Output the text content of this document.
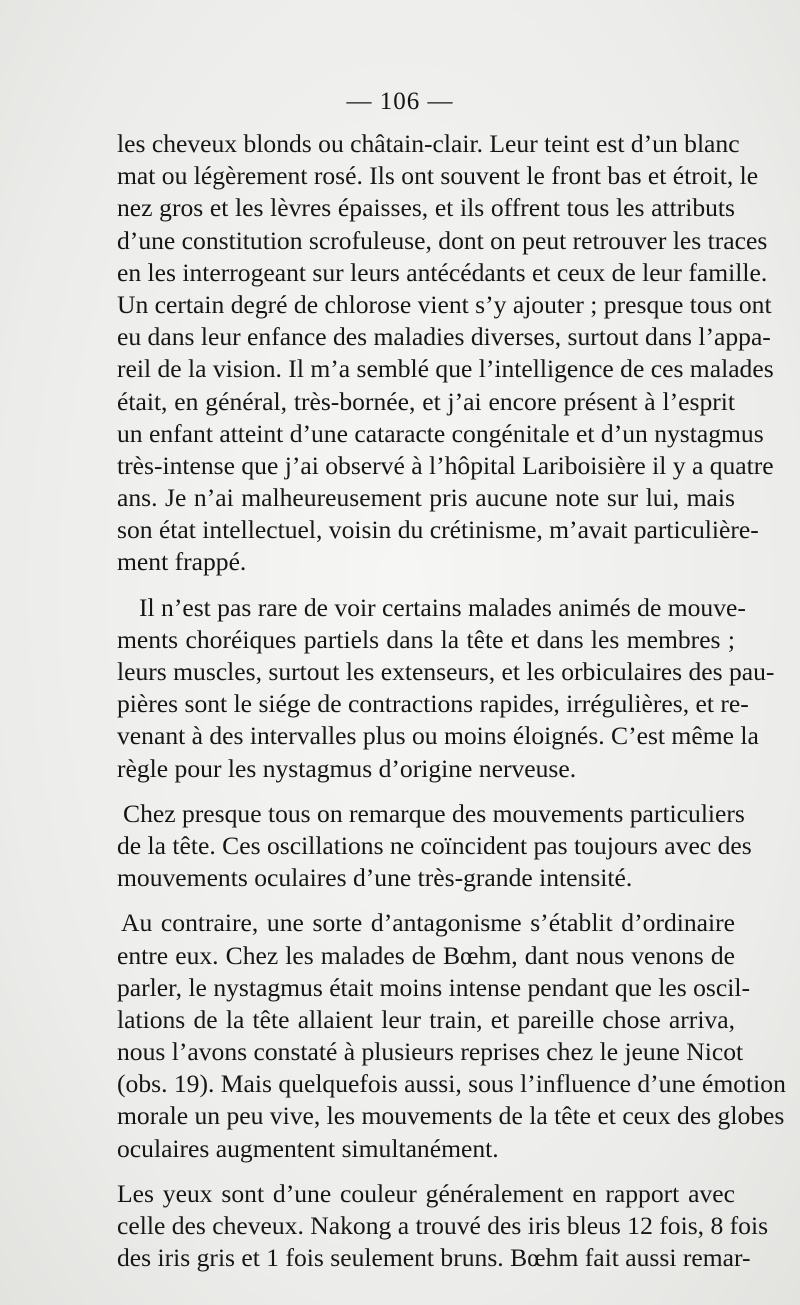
— 106 —
les cheveux blonds ou châtain-clair. Leur teint est d’un blanc
mat ou légèrement rosé. Ils ont souvent le front bas et étroit, le
nez gros et les lèvres épaisses, et ils offrent tous les attributs
d’une constitution scrofuleuse, dont on peut retrouver les traces
en les interrogeant sur leurs antécédants et ceux de leur famille.
Un certain degré de chlorose vient s’y ajouter ; presque tous ont
eu dans leur enfance des maladies diverses, surtout dans l’appa-
reil de la vision. Il m’a semblé que l’intelligence de ces malades
était, en général, très-bornée, et j’ai encore présent à l’esprit
un enfant atteint d’une cataracte congénitale et d’un nystagmus
très-intense que j’ai observé à l’hôpital Lariboisière il y a quatre
ans. Je n’ai malheureusement pris aucune note sur lui, mais
son état intellectuel, voisin du crétinisme, m’avait particulière-
ment frappé.
Il n’est pas rare de voir certains malades animés de mouve-
ments choréiques partiels dans la tête et dans les membres ;
leurs muscles, surtout les extenseurs, et les orbiculaires des pau-
pières sont le siége de contractions rapides, irrégulières, et re-
venant à des intervalles plus ou moins éloignés. C’est même la
règle pour les nystagmus d’origine nerveuse.
Chez presque tous on remarque des mouvements particuliers
de la tête. Ces oscillations ne coïncident pas toujours avec des
mouvements oculaires d’une très-grande intensité.
Au contraire, une sorte d’antagonisme s’établit d’ordinaire
entre eux. Chez les malades de Bœhm, dant nous venons de
parler, le nystagmus était moins intense pendant que les oscil-
lations de la tête allaient leur train, et pareille chose arriva,
nous l’avons constaté à plusieurs reprises chez le jeune Nicot
(obs. 19). Mais quelquefois aussi, sous l’influence d’une émotion
morale un peu vive, les mouvements de la tête et ceux des globes
oculaires augmentent simultanément.
Les yeux sont d’une couleur généralement en rapport avec
celle des cheveux. Nakong a trouvé des iris bleus 12 fois, 8 fois
des iris gris et 1 fois seulement bruns. Bœhm fait aussi remar-
